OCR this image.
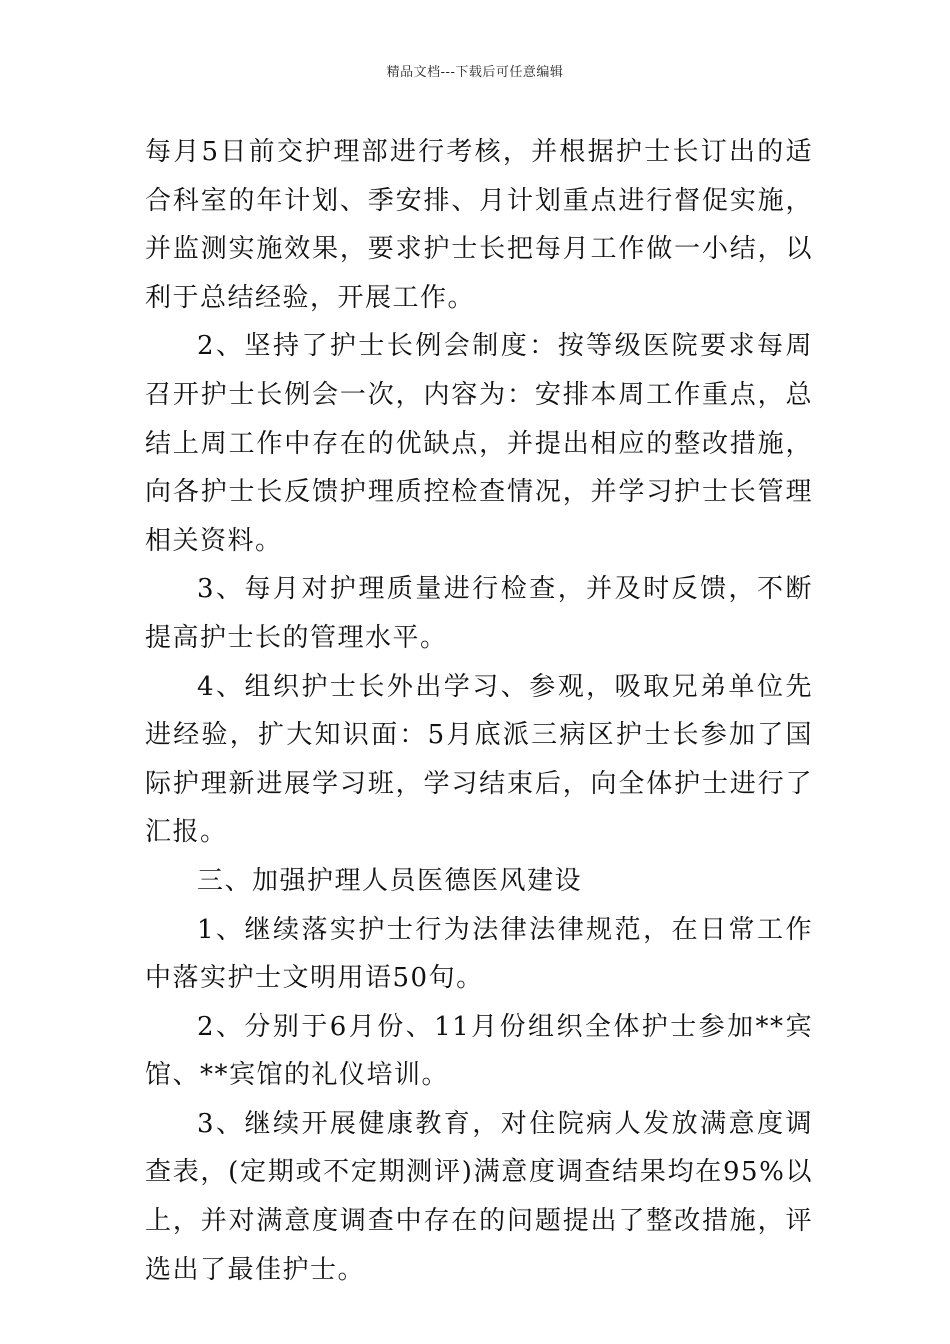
精品文档---下载后可任意编辑

每月5日前交护理部进行考核，并根据护士长订出的适合科室的年计划、季安排、月计划重点进行督促实施，并监测实施效果，要求护士长把每月工作做一小结，以利于总结经验，开展工作。

2、坚持了护士长例会制度：按等级医院要求每周召开护士长例会一次，内容为：安排本周工作重点，总结上周工作中存在的优缺点，并提出相应的整改措施，向各护士长反馈护理质控检查情况，并学习护士长管理相关资料。

3、每月对护理质量进行检查，并及时反馈，不断提高护士长的管理水平。

4、组织护士长外出学习、参观，吸取兄弟单位先进经验，扩大知识面：5月底派三病区护士长参加了国际护理新进展学习班，学习结束后，向全体护士进行了汇报。

三、加强护理人员医德医风建设

1、继续落实护士行为法律法律规范，在日常工作中落实护士文明用语50句。

2、分别于6月份、11月份组织全体护士参加**宾馆、**宾馆的礼仪培训。

3、继续开展健康教育，对住院病人发放满意度调查表，(定期或不定期测评)满意度调查结果均在95%以上，并对满意度调查中存在的问题提出了整改措施，评选出了最佳护士。
